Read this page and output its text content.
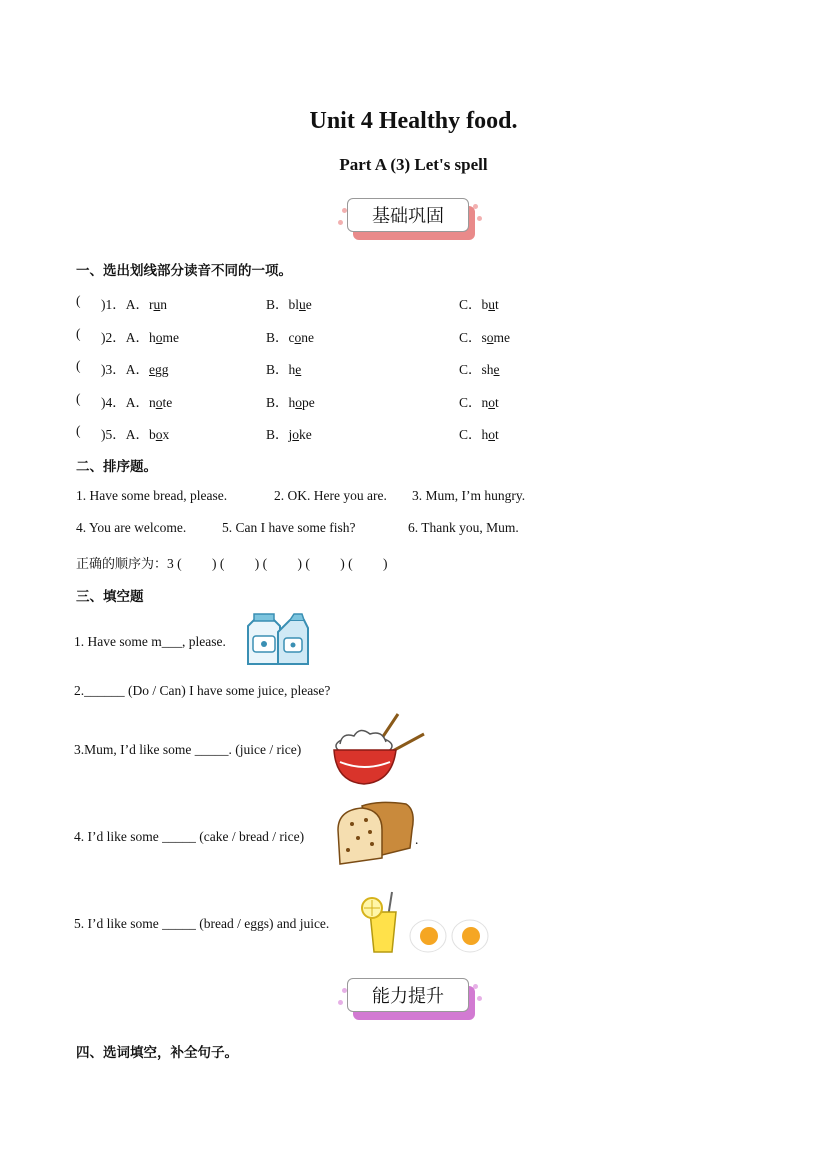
Unit 4 Healthy food.
Part A (3) Let's spell
基础巩固
一、选出划线部分读音不同的一项。
( )1．A．run	B．blue	C．but
( )2．A．home	B．cone	C．some
( )3．A．egg	B．he	C．she
( )4．A．note	B．hope	C．not
( )5．A．box	B．joke	C．hot
二、排序题。
1. Have some bread, please.	2. OK. Here you are. 3. Mum, I’m hungry.
4. You are welcome.	5. Can I have some fish?	6. Thank you, Mum.
正确的顺序为：3 (         ) (         ) (         ) (         ) (         )
三、填空题
1. Have some m___, please.
2.______ (Do / Can) I have some juice, please?
3.Mum, I’d like some _____. (juice / rice)
4. I’d like some _____ (cake / bread / rice)	.
5. I’d like some _____ (bread / eggs) and juice.
能力提升
四、选词填空，补全句子。
